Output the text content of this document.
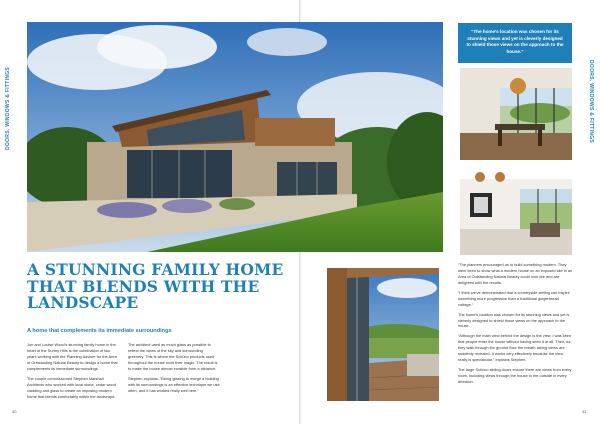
DOORS, WINDOWS & FITTINGS	DOORS, WINDOWS & FITTINGS
“The home’s location was chosen for its stunning views and yet is cleverly designed to shield those views on the approach to the house.”
A STUNNING FAMILY HOME
THAT BLENDS WITH THE
LANDSCAPE
A home that complements its immediate surroundings

Jon and Louise Wood’s stunning family home in the heart of the Surrey Hills is the culmination of two years working with the Planning Adviser for the Area of Outstanding Natural Beauty to design a home that complements its immediate surroundings.

The couple commissioned Stephen Marshall Architects who worked with local stone, cedar wood cladding and glass to create an imposing modern home that blends comfortably within the landscape.

The architect used as much glass as possible to reflect the views of the sky and surrounding greenery. This is where the Schüco products used throughout the house work their magic. The result is to make the house almost invisible from a distance.

Stephen explains, “Being glazing to merge a building with its surroundings is an effective technique we use often, and it has worked really well here.”

“The planners encouraged us to build something modern. They were keen to show what a modern house on an exposed site in an Area of Outstanding Natural Beauty could look like and are delighted with the results.

“I think we’ve demonstrated that a countryside setting can inspire something more progressive than a traditional gingerbread cottage.”

The home’s location was chosen for its stunning views and yet is cleverly designed to shield those views on the approach to the house.

“Although the main view behind the design is the view, I was keen that people enter the house without having seen it at all. Then, as they walk through the ground floor the breath-taking views are suddenly revealed. It works very effectively because the view really is spectacular,” explains Stephen.

The large Schüco sliding doors ensure there are views from every room, including views through the house to the outside in every direction.

40	41
